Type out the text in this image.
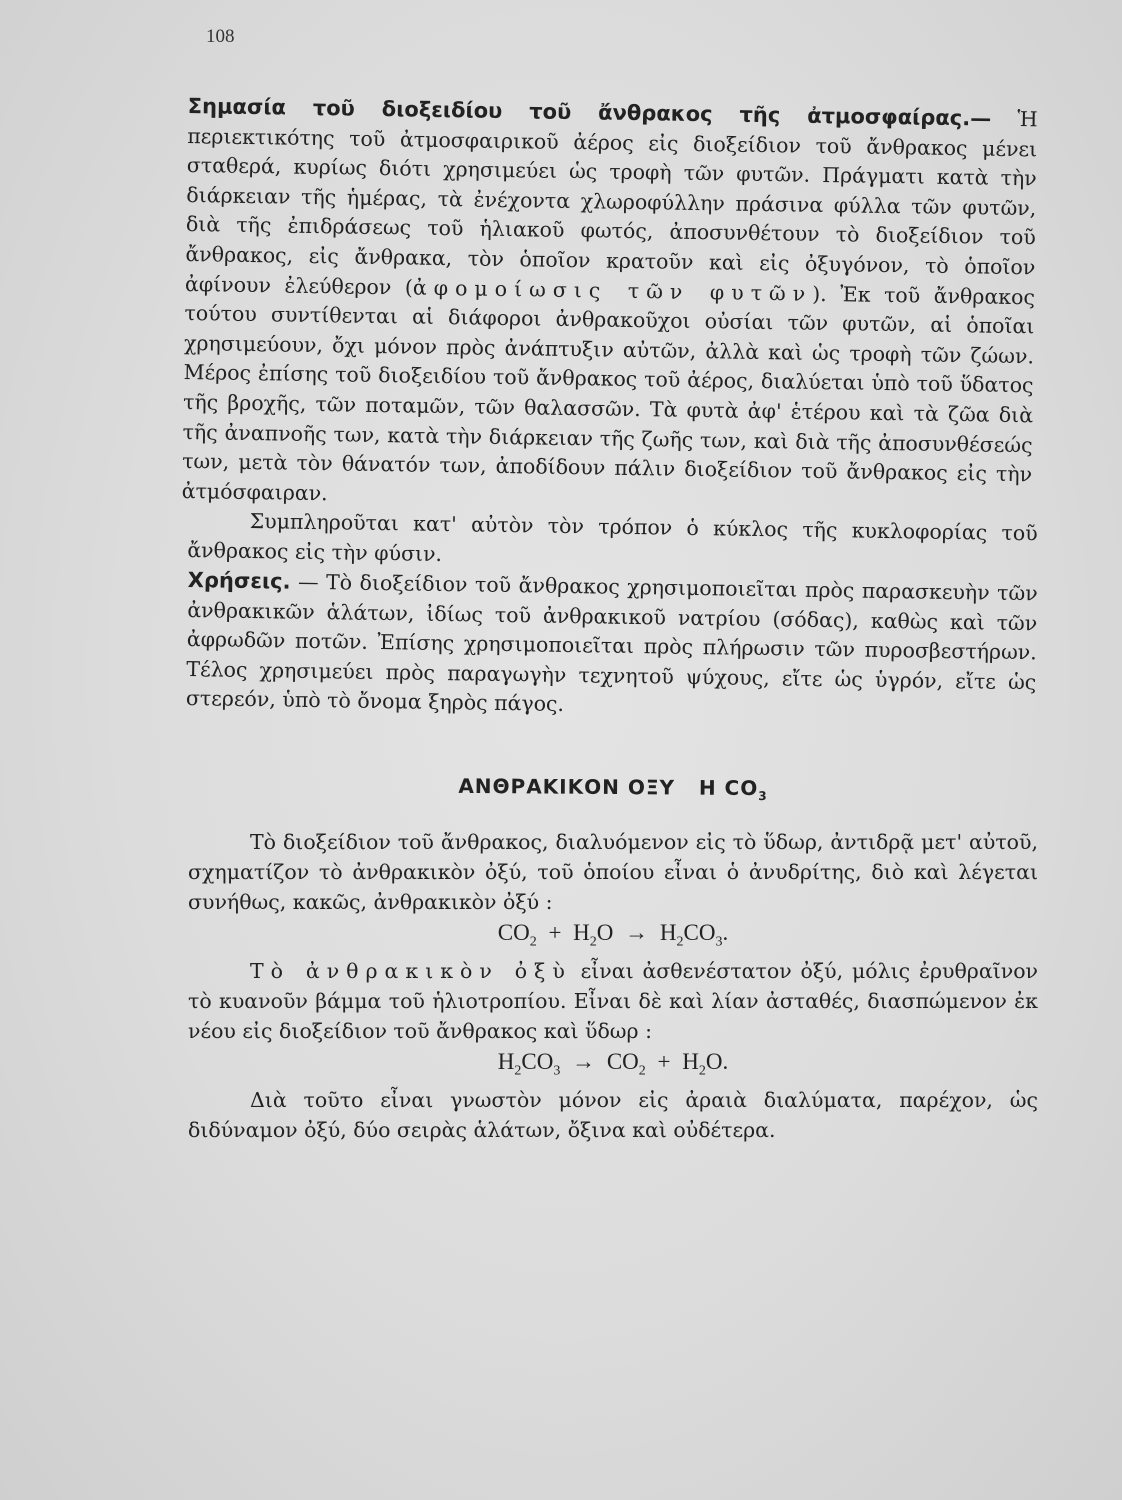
108

Σημασία τοῦ διοξειδίου τοῦ ἄνθρακος τῆς ἀτμοσφαίρας.— Ἡ περιεκτικότης τοῦ ἀτμοσφαιρικοῦ ἀέρος εἰς διοξείδιον τοῦ ἄνθρακος μένει σταθερά, κυρίως διότι χρησιμεύει ὡς τροφὴ τῶν φυτῶν. Πράγματι κατὰ τὴν διάρκειαν τῆς ἡμέρας, τὰ ἐνέχοντα χλωροφύλλην πράσινα φύλλα τῶν φυτῶν, διὰ τῆς ἐπιδράσεως τοῦ ἡλιακοῦ φωτός, ἀποσυνθέτουν τὸ διοξείδιον τοῦ ἄνθρακος, εἰς ἄνθρακα, τὸν ὁποῖον κρατοῦν καὶ εἰς ὀξυγόνον, τὸ ὁποῖον ἀφίνουν ἐλεύθερον (ἀφομοίωσις τῶν φυτῶν). Ἐκ τοῦ ἄνθρακος τούτου συντίθενται αἱ διάφοροι ἀνθρακοῦχοι οὐσίαι τῶν φυτῶν, αἱ ὁποῖαι χρησιμεύουν, ὄχι μόνον πρὸς ἀνάπτυξιν αὐτῶν, ἀλλὰ καὶ ὡς τροφὴ τῶν ζώων. Μέρος ἐπίσης τοῦ διοξειδίου τοῦ ἄνθρακος τοῦ ἀέρος, διαλύεται ὑπὸ τοῦ ὕδατος τῆς βροχῆς, τῶν ποταμῶν, τῶν θαλασσῶν. Τὰ φυτὰ ἀφ' ἑτέρου καὶ τὰ ζῶα διὰ τῆς ἀναπνοῆς των, κατὰ τὴν διάρκειαν τῆς ζωῆς των, καὶ διὰ τῆς ἀποσυνθέσεώς των, μετὰ τὸν θάνατόν των, ἀποδίδουν πάλιν διοξείδιον τοῦ ἄνθρακος εἰς τὴν ἀτμόσφαιραν.

Συμπληροῦται κατ' αὐτὸν τὸν τρόπον ὁ κύκλος τῆς κυκλοφορίας τοῦ ἄνθρακος εἰς τὴν φύσιν.

Χρήσεις. — Τὸ διοξείδιον τοῦ ἄνθρακος χρησιμοποιεῖται πρὸς παρασκευὴν τῶν ἀνθρακικῶν ἁλάτων, ἰδίως τοῦ ἀνθρακικοῦ νατρίου (σόδας), καθὼς καὶ τῶν ἀφρωδῶν ποτῶν. Ἐπίσης χρησιμοποιεῖται πρὸς πλήρωσιν τῶν πυροσβεστήρων. Τέλος χρησιμεύει πρὸς παραγωγὴν τεχνητοῦ ψύχους, εἴτε ὡς ὑγρόν, εἴτε ὡς στερεόν, ὑπὸ τὸ ὄνομα ξηρὸς πάγος.

ΑΝΘΡΑΚΙΚΟΝ ΟΞΥ H $CO_3$

Τὸ διοξείδιον τοῦ ἄνθρακος, διαλυόμενον εἰς τὸ ὕδωρ, ἀντιδρᾷ μετ' αὐτοῦ, σχηματίζον τὸ ἀνθρακικὸν ὀξύ, τοῦ ὁποίου εἶναι ὁ ἀνυδρίτης, διὸ καὶ λέγεται συνήθως, κακῶς, ἀνθρακικὸν ὀξύ :

$CO_2 + H_2O \to H_2CO_3$.

Τὸ ἀνθρακικὸν ὀξὺ εἶναι ἀσθενέστατον ὀξύ, μόλις ἐρυθραῖνον τὸ κυανοῦν βάμμα τοῦ ἡλιοτροπίου. Εἶναι δὲ καὶ λίαν ἀσταθές, διασπώμενον ἐκ νέου εἰς διοξείδιον τοῦ ἄνθρακος καὶ ὕδωρ :

$H_2CO_3 \to CO_2 + H_2O$.

Διὰ τοῦτο εἶναι γνωστὸν μόνον εἰς ἀραιὰ διαλύματα, παρέχον, ὡς διδύναμον ὀξύ, δύο σειρὰς ἁλάτων, ὄξινα καὶ οὐδέτερα.
